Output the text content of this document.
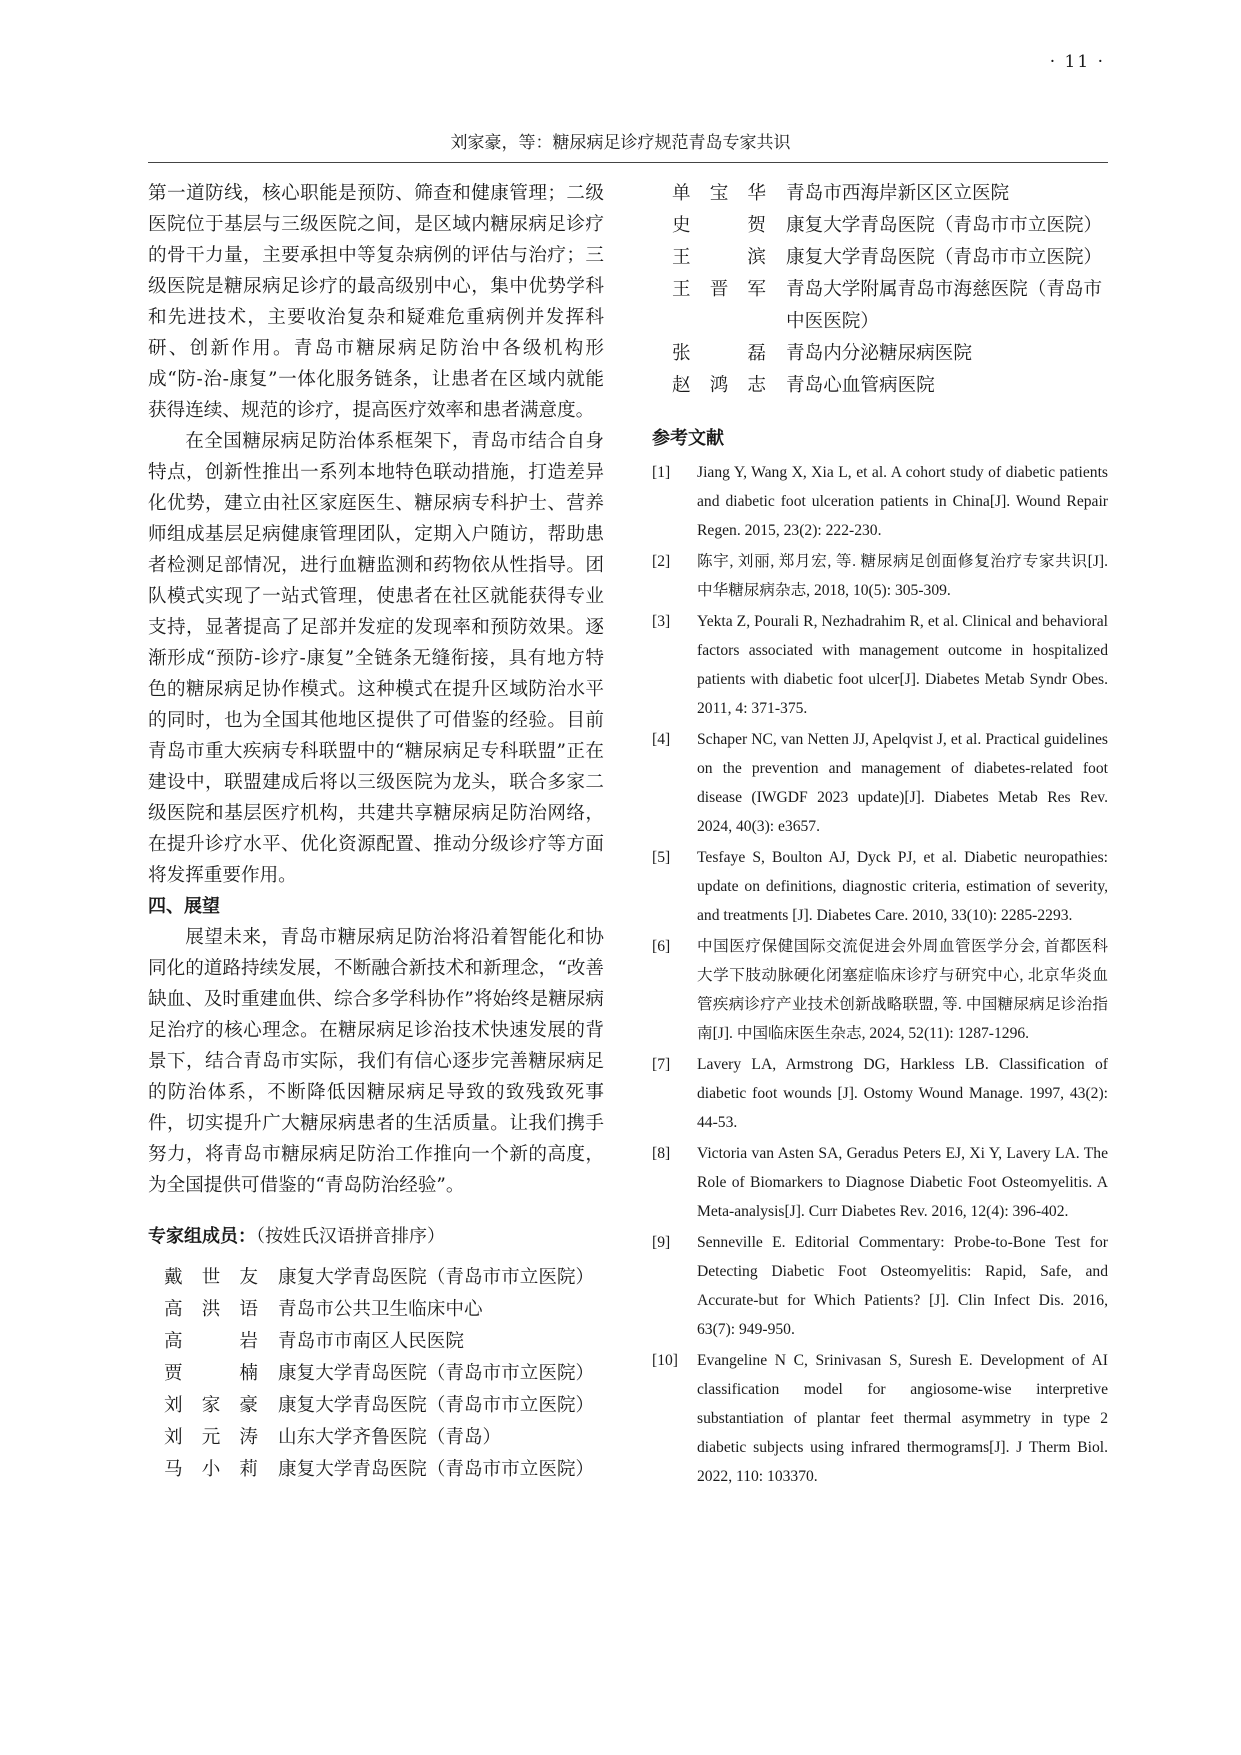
· 11 ·
刘家豪，等：糖尿病足诊疗规范青岛专家共识

第一道防线，核心职能是预防、筛查和健康管理；二级医院位于基层与三级医院之间，是区域内糖尿病足诊疗的骨干力量，主要承担中等复杂病例的评估与治疗；三级医院是糖尿病足诊疗的最高级别中心，集中优势学科和先进技术，主要收治复杂和疑难危重病例并发挥科研、创新作用。青岛市糖尿病足防治中各级机构形成“防-治-康复”一体化服务链条，让患者在区域内就能获得连续、规范的诊疗，提高医疗效率和患者满意度。

在全国糖尿病足防治体系框架下，青岛市结合自身特点，创新性推出一系列本地特色联动措施，打造差异化优势，建立由社区家庭医生、糖尿病专科护士、营养师组成基层足病健康管理团队，定期入户随访，帮助患者检测足部情况，进行血糖监测和药物依从性指导。团队模式实现了一站式管理，使患者在社区就能获得专业支持，显著提高了足部并发症的发现率和预防效果。逐渐形成“预防-诊疗-康复”全链条无缝衔接，具有地方特色的糖尿病足协作模式。这种模式在提升区域防治水平的同时，也为全国其他地区提供了可借鉴的经验。目前青岛市重大疾病专科联盟中的“糖尿病足专科联盟”正在建设中，联盟建成后将以三级医院为龙头，联合多家二级医院和基层医疗机构，共建共享糖尿病足防治网络，在提升诊疗水平、优化资源配置、推动分级诊疗等方面将发挥重要作用。

四、展望

展望未来，青岛市糖尿病足防治将沿着智能化和协同化的道路持续发展，不断融合新技术和新理念，“改善缺血、及时重建血供、综合多学科协作”将始终是糖尿病足治疗的核心理念。在糖尿病足诊治技术快速发展的背景下，结合青岛市实际，我们有信心逐步完善糖尿病足的防治体系，不断降低因糖尿病足导致的致残致死事件，切实提升广大糖尿病患者的生活质量。让我们携手努力，将青岛市糖尿病足防治工作推向一个新的高度，为全国提供可借鉴的“青岛防治经验”。

专家组成员：（按姓氏汉语拼音排序）
戴世友 康复大学青岛医院（青岛市市立医院）
高洪语 青岛市公共卫生临床中心
高　岩 青岛市市南区人民医院
贾　楠 康复大学青岛医院（青岛市市立医院）
刘家豪 康复大学青岛医院（青岛市市立医院）
刘元涛 山东大学齐鲁医院（青岛）
马小莉 康复大学青岛医院（青岛市市立医院）
单宝华 青岛市西海岸新区区立医院
史　贺 康复大学青岛医院（青岛市市立医院）
王　滨 康复大学青岛医院（青岛市市立医院）
王晋军 青岛大学附属青岛市海慈医院（青岛市中医医院）
张　磊 青岛内分泌糖尿病医院
赵鸿志 青岛心血管病医院
参考文献
[1]	Jiang Y, Wang X, Xia L, et al. A cohort study of diabetic patients and diabetic foot ulceration patients in China[J]. Wound Repair Regen. 2015, 23(2): 222-230.
[2]	陈宇, 刘丽, 郑月宏, 等. 糖尿病足创面修复治疗专家共识[J]. 中华糖尿病杂志, 2018, 10(5): 305-309.
[3]	Yekta Z, Pourali R, Nezhadrahim R, et al. Clinical and behavioral factors associated with management outcome in hospitalized patients with diabetic foot ulcer[J]. Diabetes Metab Syndr Obes. 2011, 4: 371-375.
[4]	Schaper NC, van Netten JJ, Apelqvist J, et al. Practical guidelines on the prevention and management of diabetes-related foot disease (IWGDF 2023 update)[J]. Diabetes Metab Res Rev. 2024, 40(3): e3657.
[5]	Tesfaye S, Boulton AJ, Dyck PJ, et al. Diabetic neuropathies: update on definitions, diagnostic criteria, estimation of severity, and treatments [J]. Diabetes Care. 2010, 33(10): 2285-2293.
[6]	中国医疗保健国际交流促进会外周血管医学分会, 首都医科大学下肢动脉硬化闭塞症临床诊疗与研究中心, 北京华炎血管疾病诊疗产业技术创新战略联盟, 等. 中国糖尿病足诊治指南[J]. 中国临床医生杂志, 2024, 52(11): 1287-1296.
[7]	Lavery LA, Armstrong DG, Harkless LB. Classification of diabetic foot wounds [J]. Ostomy Wound Manage. 1997, 43(2): 44-53.
[8]	Victoria van Asten SA, Geradus Peters EJ, Xi Y, Lavery LA. The Role of Biomarkers to Diagnose Diabetic Foot Osteomyelitis. A Meta-analysis[J]. Curr Diabetes Rev. 2016, 12(4): 396-402.
[9]	Senneville E. Editorial Commentary: Probe-to-Bone Test for Detecting Diabetic Foot Osteomyelitis: Rapid, Safe, and Accurate-but for Which Patients? [J]. Clin Infect Dis. 2016, 63(7): 949-950.
[10]	Evangeline N C, Srinivasan S, Suresh E. Development of AI classification model for angiosome-wise interpretive substantiation of plantar feet thermal asymmetry in type 2 diabetic subjects using infrared thermograms[J]. J Therm Biol. 2022, 110: 103370.
